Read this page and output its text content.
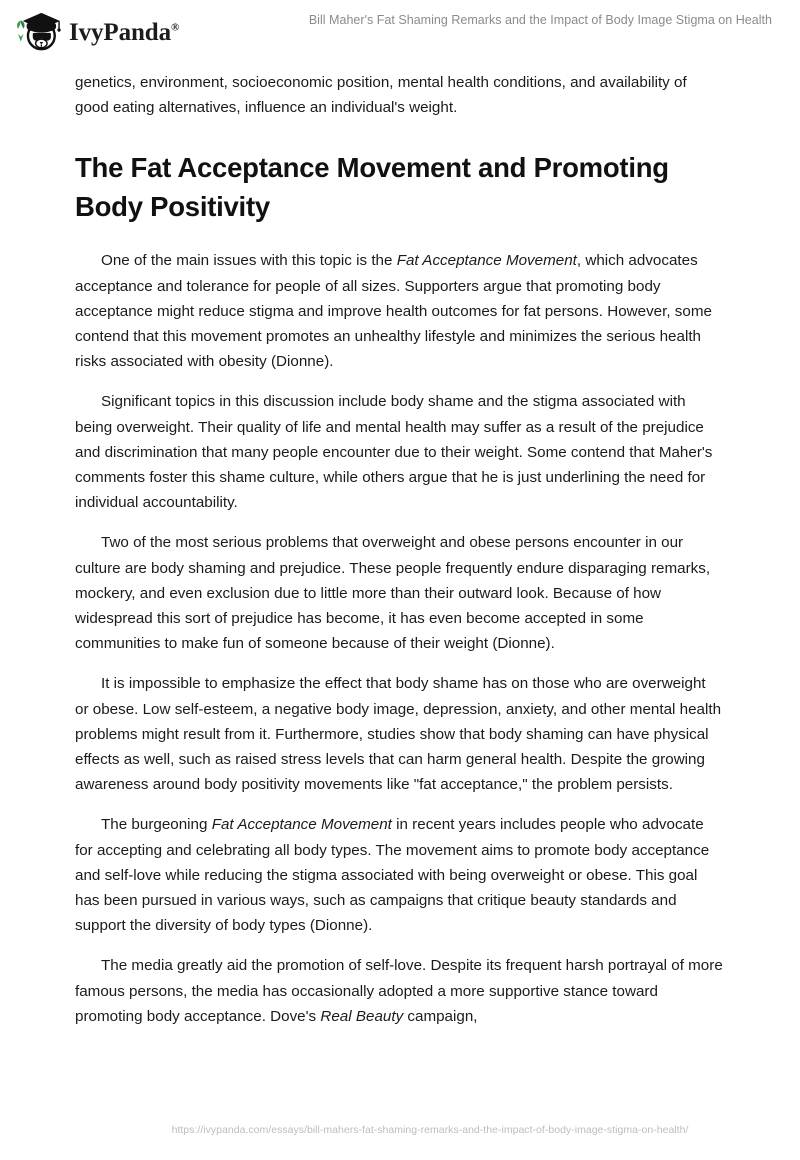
IvyPanda®
Bill Maher's Fat Shaming Remarks and the Impact of Body Image Stigma on Health

genetics, environment, socioeconomic position, mental health conditions, and availability of good eating alternatives, influence an individual's weight.

The Fat Acceptance Movement and Promoting Body Positivity

One of the main issues with this topic is the Fat Acceptance Movement, which advocates acceptance and tolerance for people of all sizes. Supporters argue that promoting body acceptance might reduce stigma and improve health outcomes for fat persons. However, some contend that this movement promotes an unhealthy lifestyle and minimizes the serious health risks associated with obesity (Dionne).

Significant topics in this discussion include body shame and the stigma associated with being overweight. Their quality of life and mental health may suffer as a result of the prejudice and discrimination that many people encounter due to their weight. Some contend that Maher's comments foster this shame culture, while others argue that he is just underlining the need for individual accountability.

Two of the most serious problems that overweight and obese persons encounter in our culture are body shaming and prejudice. These people frequently endure disparaging remarks, mockery, and even exclusion due to little more than their outward look. Because of how widespread this sort of prejudice has become, it has even become accepted in some communities to make fun of someone because of their weight (Dionne).

It is impossible to emphasize the effect that body shame has on those who are overweight or obese. Low self-esteem, a negative body image, depression, anxiety, and other mental health problems might result from it. Furthermore, studies show that body shaming can have physical effects as well, such as raised stress levels that can harm general health. Despite the growing awareness around body positivity movements like "fat acceptance," the problem persists.

The burgeoning Fat Acceptance Movement in recent years includes people who advocate for accepting and celebrating all body types. The movement aims to promote body acceptance and self-love while reducing the stigma associated with being overweight or obese. This goal has been pursued in various ways, such as campaigns that critique beauty standards and support the diversity of body types (Dionne).

The media greatly aid the promotion of self-love. Despite its frequent harsh portrayal of more famous persons, the media has occasionally adopted a more supportive stance toward promoting body acceptance. Dove's Real Beauty campaign,

https://ivypanda.com/essays/bill-mahers-fat-shaming-remarks-and-the-impact-of-body-image-stigma-on-health/
